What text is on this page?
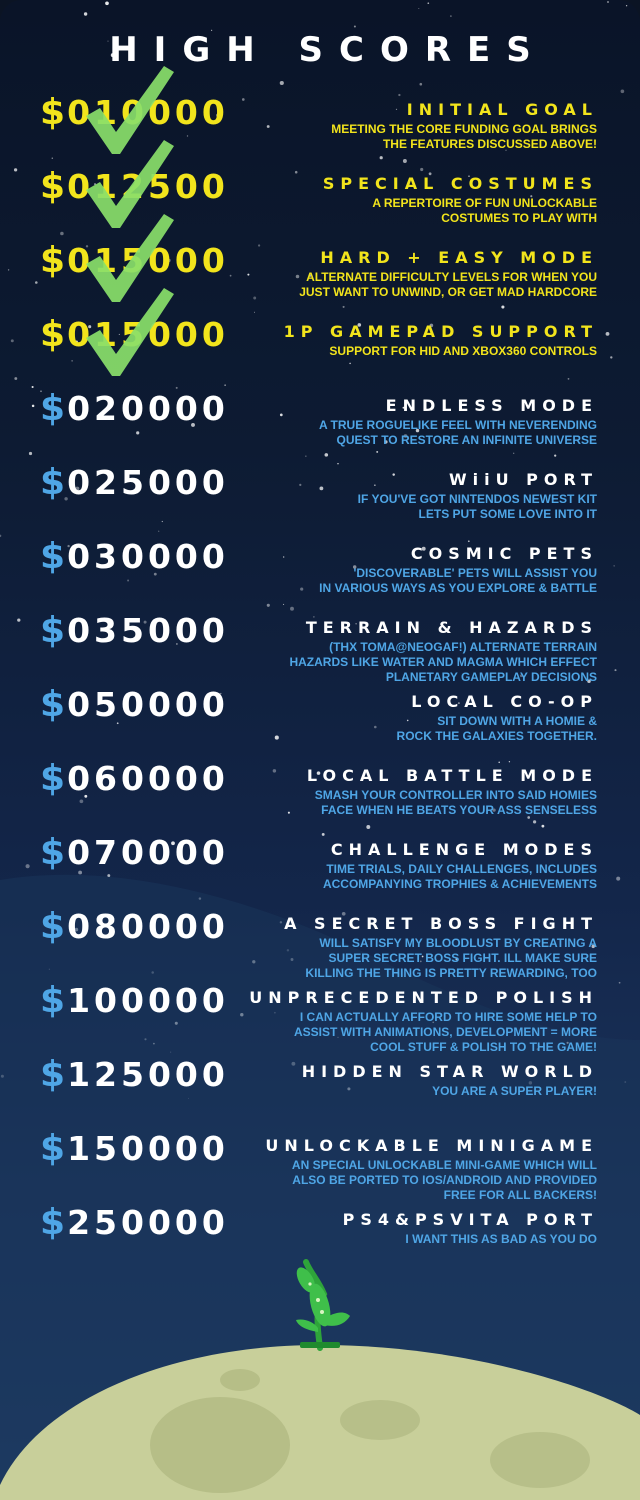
HIGH SCORES
$010000	INITIAL GOAL
MEETING THE CORE FUNDING GOAL BRINGS
THE FEATURES DISCUSSED ABOVE!
$012500	SPECIAL COSTUMES
A REPERTOIRE OF FUN UNLOCKABLE
COSTUMES TO PLAY WITH
$015000	HARD + EASY MODE
ALTERNATE DIFFICULTY LEVELS FOR WHEN YOU
JUST WANT TO UNWIND, OR GET MAD HARDCORE
$015000	1P GAMEPAD SUPPORT
SUPPORT FOR HID AND XBOX360 CONTROLS
$020000	ENDLESS MODE
A TRUE ROGUELIKE FEEL WITH NEVERENDING
QUEST TO RESTORE AN INFINITE UNIVERSE
$025000	WiiU PORT
IF YOU'VE GOT NINTENDOS NEWEST KIT
LETS PUT SOME LOVE INTO IT
$030000	COSMIC PETS
'DISCOVERABLE' PETS WILL ASSIST YOU
IN VARIOUS WAYS AS YOU EXPLORE & BATTLE
$035000	TERRAIN & HAZARDS
(THX TOMA@NEOGAF!) ALTERNATE TERRAIN
HAZARDS LIKE WATER AND MAGMA WHICH EFFECT
PLANETARY GAMEPLAY DECISIONS
$050000	LOCAL CO-OP
SIT DOWN WITH A HOMIE &
ROCK THE GALAXIES TOGETHER.
$060000	LOCAL BATTLE MODE
SMASH YOUR CONTROLLER INTO SAID HOMIES
FACE WHEN HE BEATS YOUR ASS SENSELESS
$070000	CHALLENGE MODES
TIME TRIALS, DAILY CHALLENGES, INCLUDES
ACCOMPANYING TROPHIES & ACHIEVEMENTS
$080000	A SECRET BOSS FIGHT
WILL SATISFY MY BLOODLUST BY CREATING A
SUPER SECRET BOSS FIGHT. ILL MAKE SURE
KILLING THE THING IS PRETTY REWARDING, TOO
$100000 UNPRECEDENTED POLISH
I CAN ACTUALLY AFFORD TO HIRE SOME HELP TO
ASSIST WITH ANIMATIONS, DEVELOPMENT = MORE
COOL STUFF & POLISH TO THE GAME!
$125000	HIDDEN STAR WORLD
YOU ARE A SUPER PLAYER!
$150000 UNLOCKABLE MINIGAME
AN SPECIAL UNLOCKABLE MINI-GAME WHICH WILL
ALSO BE PORTED TO IOS/ANDROID AND PROVIDED
FREE FOR ALL BACKERS!
$250000	PS4&PSVITA PORT
I WANT THIS AS BAD AS YOU DO
